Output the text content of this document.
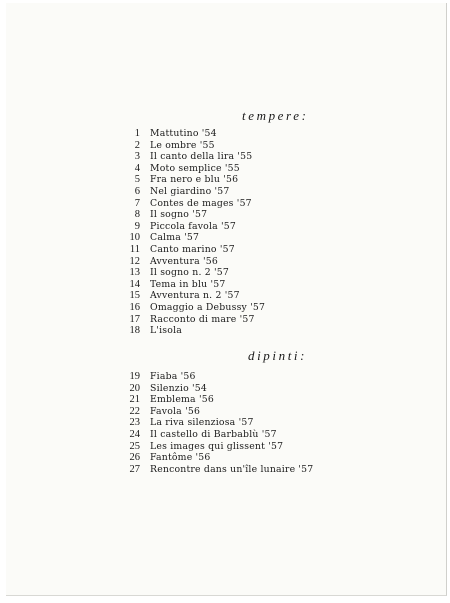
tempere:
1 Mattutino '54
2 Le ombre '55
3 Il canto della lira '55
4 Moto semplice '55
5 Fra nero e blu '56
6 Nel giardino '57
7 Contes de mages '57
8 Il sogno '57
9 Piccola favola '57
10 Calma '57
11 Canto marino '57
12 Avventura '56
13 Il sogno n. 2 '57
14 Tema in blu '57
15 Avventura n. 2 '57
16 Omaggio a Debussy '57
17 Racconto di mare '57
18 L'isola
dipinti:
19 Fiaba '56
20 Silenzio '54
21 Emblema '56
22 Favola '56
23 La riva silenziosa '57
24 Il castello di Barbablù '57
25 Les images qui glissent '57
26 Fantôme '56
27 Rencontre dans un'île lunaire '57
